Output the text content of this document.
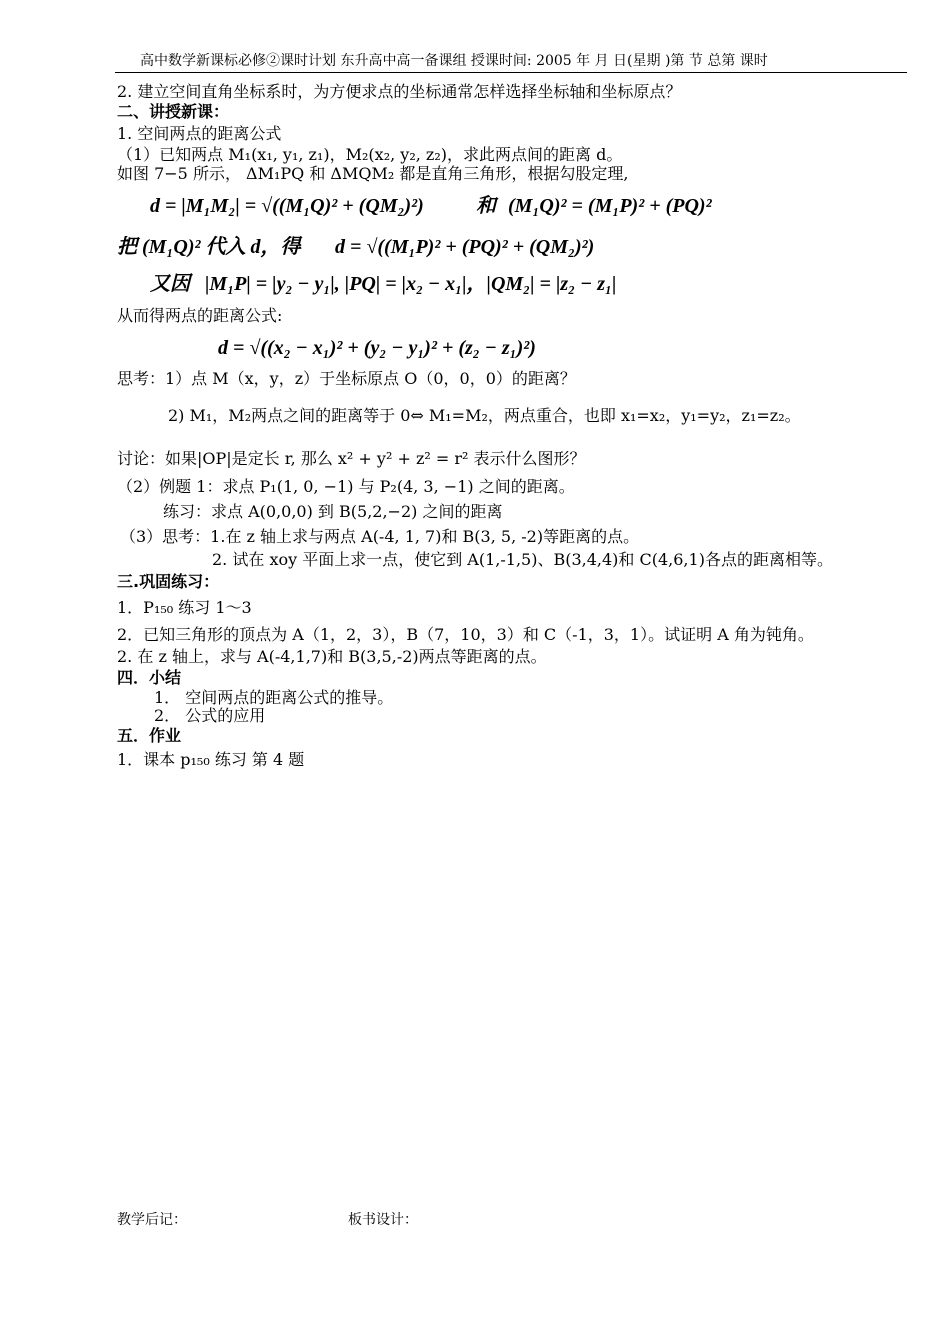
高中数学新课标必修②课时计划 东升高中高一备课组 授课时间: 2005 年 月 日(星期 )第 节 总第 课时
2. 建立空间直角坐标系时，为方便求点的坐标通常怎样选择坐标轴和坐标原点？
二、讲授新课：
1. 空间两点的距离公式
（1）已知两点 M₁(x₁, y₁, z₁)，M₂(x₂, y₂, z₂)，求此两点间的距离 d。
如图 7−5 所示， ΔM₁PQ 和 ΔMQM₂ 都是直角三角形，根据勾股定理,
d = |M₁M₂| = √((M₁Q)² + (QM₂)²)	和 (M₁Q)² = (M₁P)² + (PQ)²
把 (M₁Q)² 代入 d，得 d = √((M₁P)² + (PQ)² + (QM₂)²)
又因 |M₁P| = |y₂ − y₁|, |PQ| = |x₂ − x₁|，|QM₂| = |z₂ − z₁|
从而得两点的距离公式:
d = √((x₂ − x₁)² + (y₂ − y₁)² + (z₂ − z₁)²)
思考：1）点 M（x，y，z）于坐标原点 O（0，0，0）的距离？
2) M₁，M₂两点之间的距离等于 0⇔ M₁=M₂，两点重合，也即 x₁=x₂，y₁=y₂，z₁=z₂。
讨论：如果|OP|是定长 r, 那么 x² + y² + z² = r² 表示什么图形？
（2）例题 1：求点 P₁(1, 0, −1) 与 P₂(4, 3, −1) 之间的距离。
练习：求点 A(0,0,0) 到 B(5,2,−2) 之间的距离
（3）思考：1.在 z 轴上求与两点 A(-4, 1, 7)和 B(3, 5, -2)等距离的点。
2. 试在 xoy 平面上求一点，使它到 A(1,-1,5)、B(3,4,4)和 C(4,6,1)各点的距离相等。
三.巩固练习：
1．P₁₅₀ 练习 1～3
2．已知三角形的顶点为 A（1，2，3），B（7，10，3）和 C（-1，3，1）。试证明 A 角为钝角。
2. 在 z 轴上，求与 A(-4,1,7)和 B(3,5,-2)两点等距离的点。
四．小结
1． 空间两点的距离公式的推导。
2． 公式的应用
五．作业
1．课本 p₁₅₀ 练习 第 4 题
教学后记：	板书设计：
